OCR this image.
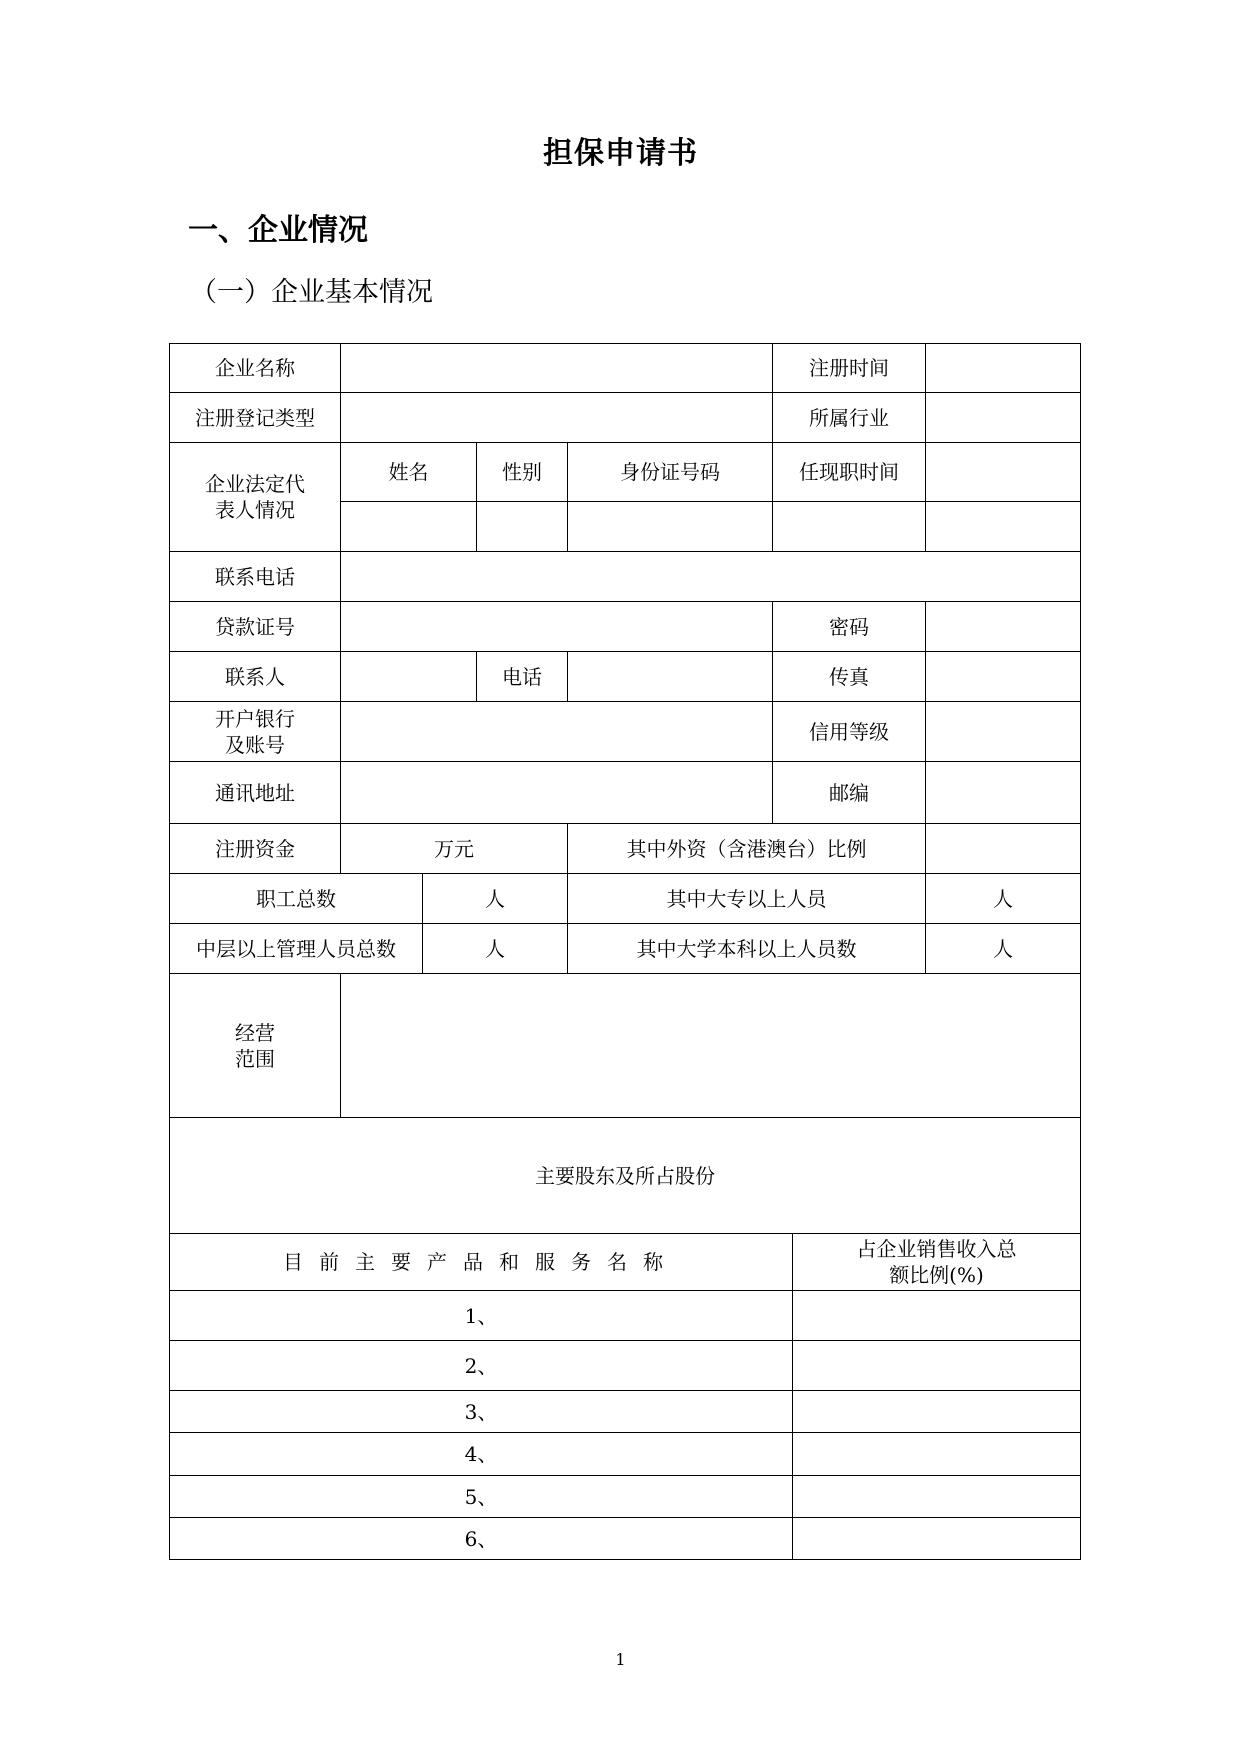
担保申请书
一、企业情况
（一）企业基本情况
企业名称					注册时间		
注册登记类型					所属行业		
企业法定代表人情况	姓名		性别	身份证号码	任现职时间		

联系电话							
贷款证号					密码		
联系人			电话		传真		
开户银行及账号					信用等级		
通讯地址					邮编		
注册资金	万元			其中外资（含港澳台）比例			
职工总数		人		其中大专以上人员			人
中层以上管理人员总数		人		其中大学本科以上人员数			人
经营范围							
主要股东及所占股份							
目前主要产品和服务名称						占企业销售收入总额比例(%)	
1、							
2、							
3、							
4、							
5、							
6、							
1
